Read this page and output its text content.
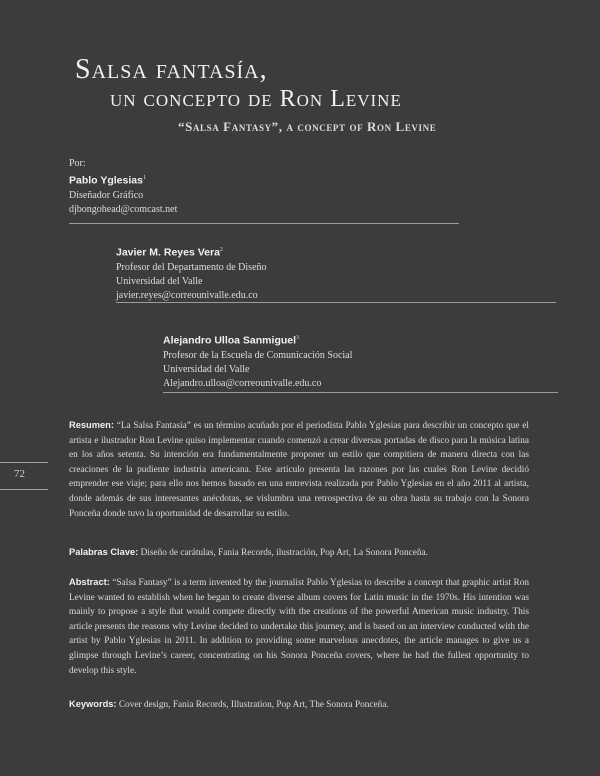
Salsa fantasía,
un concepto de Ron Levine
“Salsa Fantasy”, a concept of Ron Levine
Por:
Pablo Yglesias$^1$
Diseñador Gráfico
djbongohead@comcast.net
Javier M. Reyes Vera$^2$
Profesor del Departamento de Diseño
Universidad del Valle
javier.reyes@correounivalle.edu.co
Alejandro Ulloa Sanmiguel$^3$
Profesor de la Escuela de Comunicación Social
Universidad del Valle
Alejandro.ulloa@correounivalle.edu.co
72

Resumen: “La Salsa Fantasía” es un término acuñado por el periodista Pablo Yglesias para describir un concepto que el artista e ilustrador Ron Levine quiso implementar cuando comenzó a crear diversas portadas de disco para la música latina en los años setenta. Su intención era fundamentalmente proponer un estilo que compitiera de manera directa con las creaciones de la pudiente industria americana. Este artículo presenta las razones por las cuales Ron Levine decidió emprender ese viaje; para ello nos hemos basado en una entrevista realizada por Pablo Yglesias en el año 2011 al artista, donde además de sus interesantes anécdotas, se vislumbra una retrospectiva de su obra hasta su trabajo con la Sonora Ponceña donde tuvo la oportunidad de desarrollar su estilo.

Palabras Clave: Diseño de carátulas, Fania Records, ilustración, Pop Art, La Sonora Ponceña.

Abstract: “Salsa Fantasy” is a term invented by the journalist Pablo Yglesias to describe a concept that graphic artist Ron Levine wanted to establish when he began to create diverse album covers for Latin music in the 1970s. His intention was mainly to propose a style that would compete directly with the creations of the powerful American music industry. This article presents the reasons why Levine decided to undertake this journey, and is based on an interview conducted with the artist by Pablo Yglesias in 2011. In addition to providing some marvelous anecdotes, the article manages to give us a glimpse through Levine’s career, concentrating on his Sonora Ponceña covers, where he had the fullest opportunity to develop this style.

Keywords: Cover design, Fania Records, Illustration, Pop Art, The Sonora Ponceña.
